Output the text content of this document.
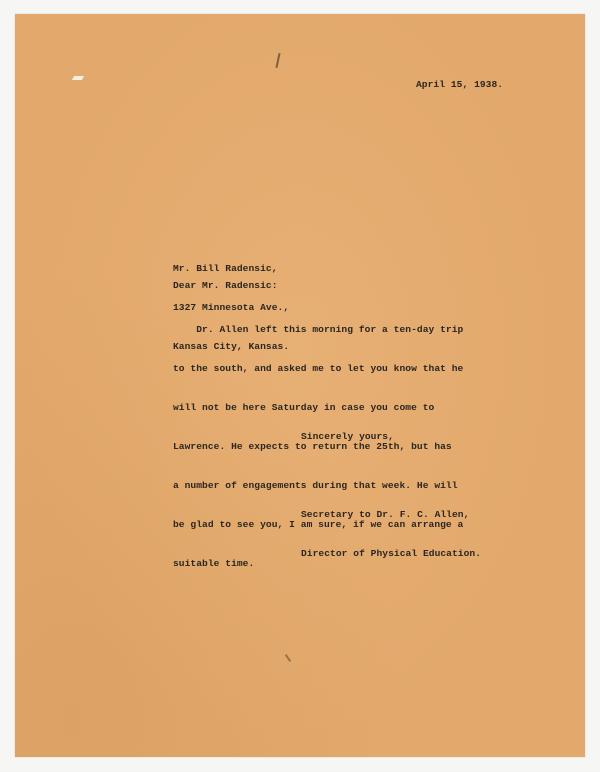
April 15, 1938.

Mr. Bill Radensic,

1327 Minnesota Ave.,

Kansas City, Kansas.

Dear Mr. Radensic:

Dr. Allen left this morning for a ten-day trip

to the south, and asked me to let you know that he

will not be here Saturday in case you come to

Lawrence. He expects to return the 25th, but has

a number of engagements during that week. He will

be glad to see you, I am sure, if we can arrange a

suitable time.

Sincerely yours,

Secretary to Dr. F. C. Allen,

Director of Physical Education.
